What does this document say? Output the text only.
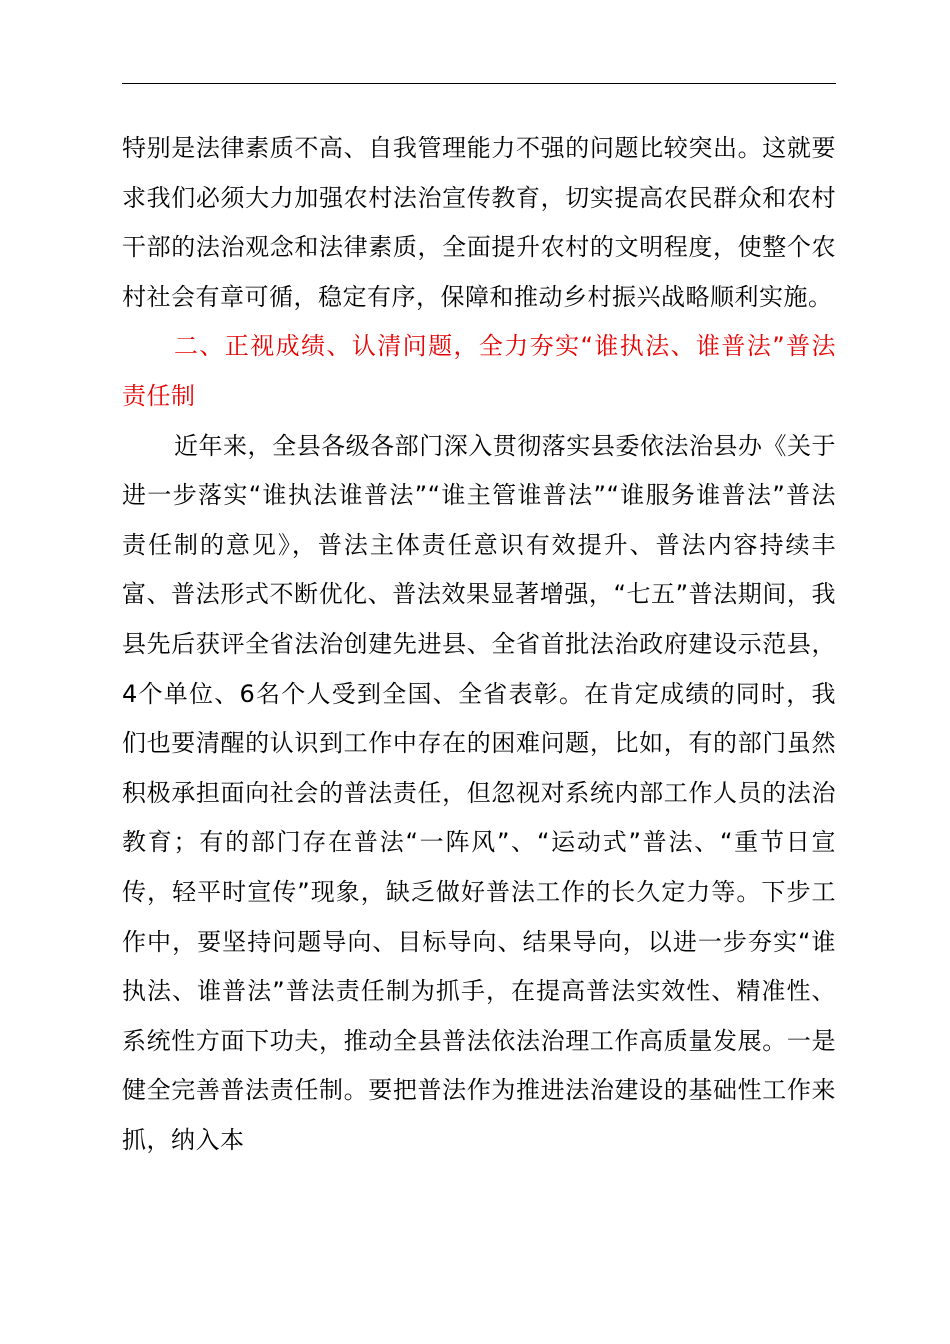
特别是法律素质不高、自我管理能力不强的问题比较突出。这就要求我们必须大力加强农村法治宣传教育，切实提高农民群众和农村干部的法治观念和法律素质，全面提升农村的文明程度，使整个农村社会有章可循，稳定有序，保障和推动乡村振兴战略顺利实施。

二、正视成绩、认清问题，全力夯实“谁执法、谁普法”普法责任制

近年来，全县各级各部门深入贯彻落实县委依法治县办《关于进一步落实“谁执法谁普法”“谁主管谁普法”“谁服务谁普法”普法责任制的意见》，普法主体责任意识有效提升、普法内容持续丰富、普法形式不断优化、普法效果显著增强，“七五”普法期间，我县先后获评全省法治创建先进县、全省首批法治政府建设示范县，4个单位、6名个人受到全国、全省表彰。在肯定成绩的同时，我们也要清醒的认识到工作中存在的困难问题，比如，有的部门虽然积极承担面向社会的普法责任，但忽视对系统内部工作人员的法治教育；有的部门存在普法“一阵风”、“运动式”普法、“重节日宣传，轻平时宣传”现象，缺乏做好普法工作的长久定力等。下步工作中，要坚持问题导向、目标导向、结果导向，以进一步夯实“谁执法、谁普法”普法责任制为抓手，在提高普法实效性、精准性、系统性方面下功夫，推动全县普法依法治理工作高质量发展。一是健全完善普法责任制。要把普法作为推进法治建设的基础性工作来抓，纳入本
